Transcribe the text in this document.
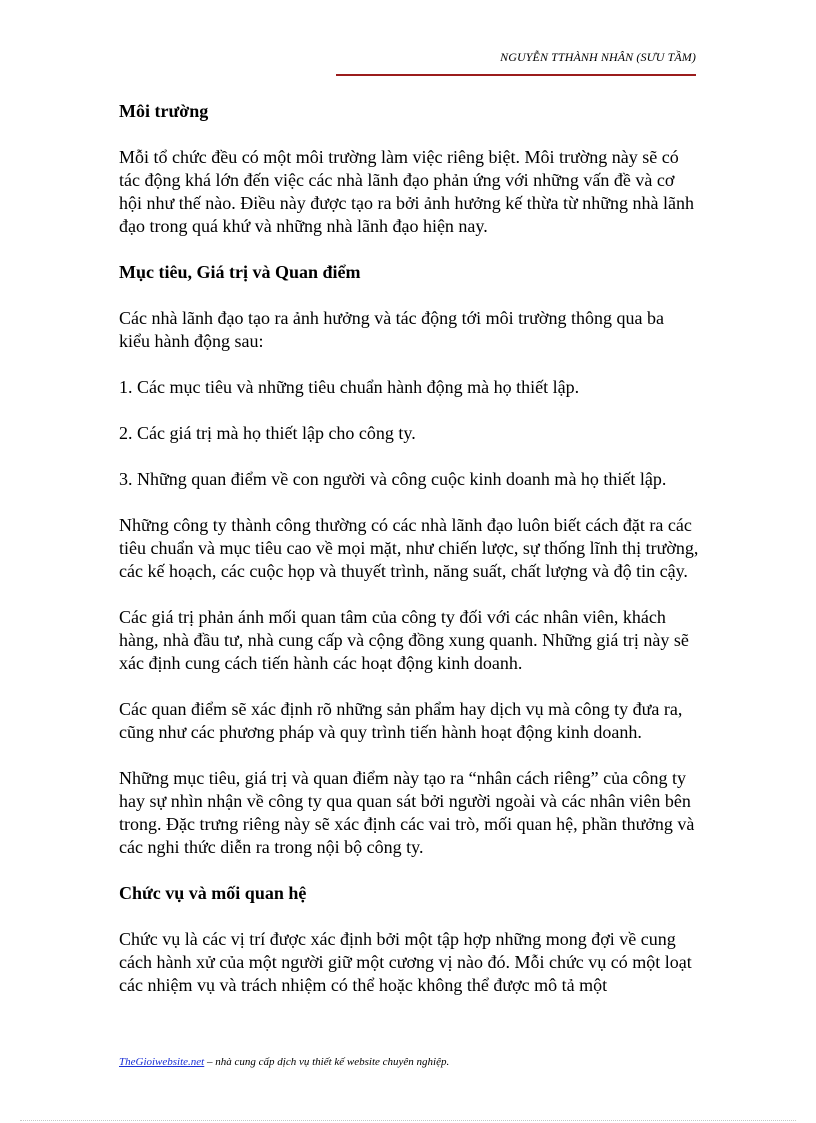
NGUYỄN TTHÀNH NHÂN (SƯU TẦM)
Môi trường

Mỗi tổ chức đều có một môi trường làm việc riêng biệt. Môi trường này sẽ có tác động khá lớn đến việc các nhà lãnh đạo phản ứng với những vấn đề và cơ hội như thế nào. Điều này được tạo ra bởi ảnh hưởng kế thừa từ những nhà lãnh đạo trong quá khứ và những nhà lãnh đạo hiện nay.

Mục tiêu, Giá trị và Quan điểm

Các nhà lãnh đạo tạo ra ảnh hưởng và tác động tới môi trường thông qua ba kiểu hành động sau:

1. Các mục tiêu và những tiêu chuẩn hành động mà họ thiết lập.

2. Các giá trị mà họ thiết lập cho công ty.

3. Những quan điểm về con người và công cuộc kinh doanh mà họ thiết lập.

Những công ty thành công thường có các nhà lãnh đạo luôn biết cách đặt ra các tiêu chuẩn và mục tiêu cao về mọi mặt, như chiến lược, sự thống lĩnh thị trường, các kế hoạch, các cuộc họp và thuyết trình, năng suất, chất lượng và độ tin cậy.

Các giá trị phản ánh mối quan tâm của công ty đối với các nhân viên, khách hàng, nhà đầu tư, nhà cung cấp và cộng đồng xung quanh. Những giá trị này sẽ xác định cung cách tiến hành các hoạt động kinh doanh.

Các quan điểm sẽ xác định rõ những sản phẩm hay dịch vụ mà công ty đưa ra, cũng như các phương pháp và quy trình tiến hành hoạt động kinh doanh.

Những mục tiêu, giá trị và quan điểm này tạo ra “nhân cách riêng” của công ty hay sự nhìn nhận về công ty qua quan sát bởi người ngoài và các nhân viên bên trong. Đặc trưng riêng này sẽ xác định các vai trò, mối quan hệ, phần thưởng và các nghi thức diễn ra trong nội bộ công ty.

Chức vụ và mối quan hệ

Chức vụ là các vị trí được xác định bởi một tập hợp những mong đợi về cung cách hành xử của một người giữ một cương vị nào đó. Mỗi chức vụ có một loạt các nhiệm vụ và trách nhiệm có thể hoặc không thể được mô tả một

TheGioiwebsite.net – nhà cung cấp dịch vụ thiết kế website chuyên nghiệp.
